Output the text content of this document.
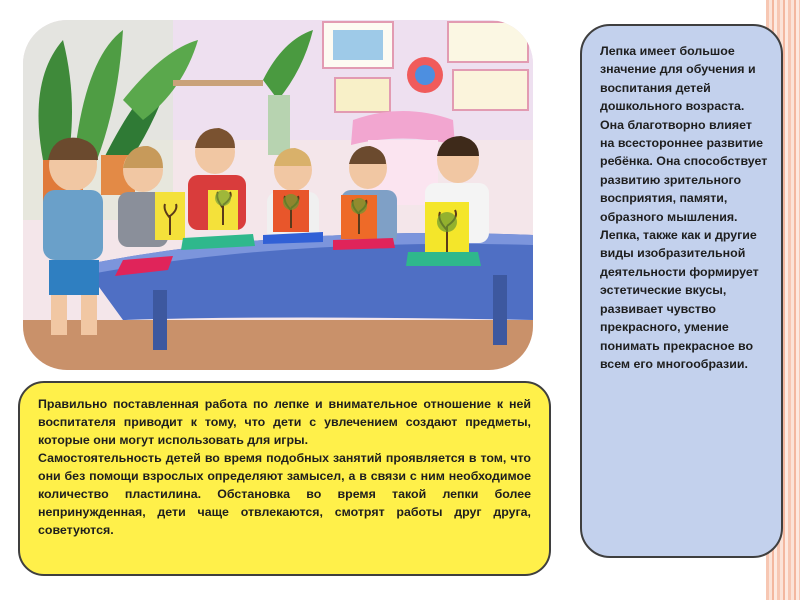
Правильно поставленная работа по лепке и внимательное отношение к ней воспитателя приводит к тому, что дети с увлечением создают предметы, которые они могут использовать для игры.

Самостоятельность детей во время подобных занятий проявляется в том, что они без помощи взрослых определяют замысел, а в связи с ним необходимое количество пластилина. Обстановка во время такой лепки более непринужденная, дети чаще отвлекаются, смотрят работы друг друга, советуются.

Лепка имеет большое значение для обучения и воспитания детей дошкольного возраста. Она благотворно влияет на всестороннее развитие ребёнка. Она способствует развитию зрительного восприятия, памяти, образного мышления. Лепка, также как и другие виды изобразительной деятельности формирует эстетические вкусы, развивает чувство прекрасного, умение понимать прекрасное во всем его многообразии.
